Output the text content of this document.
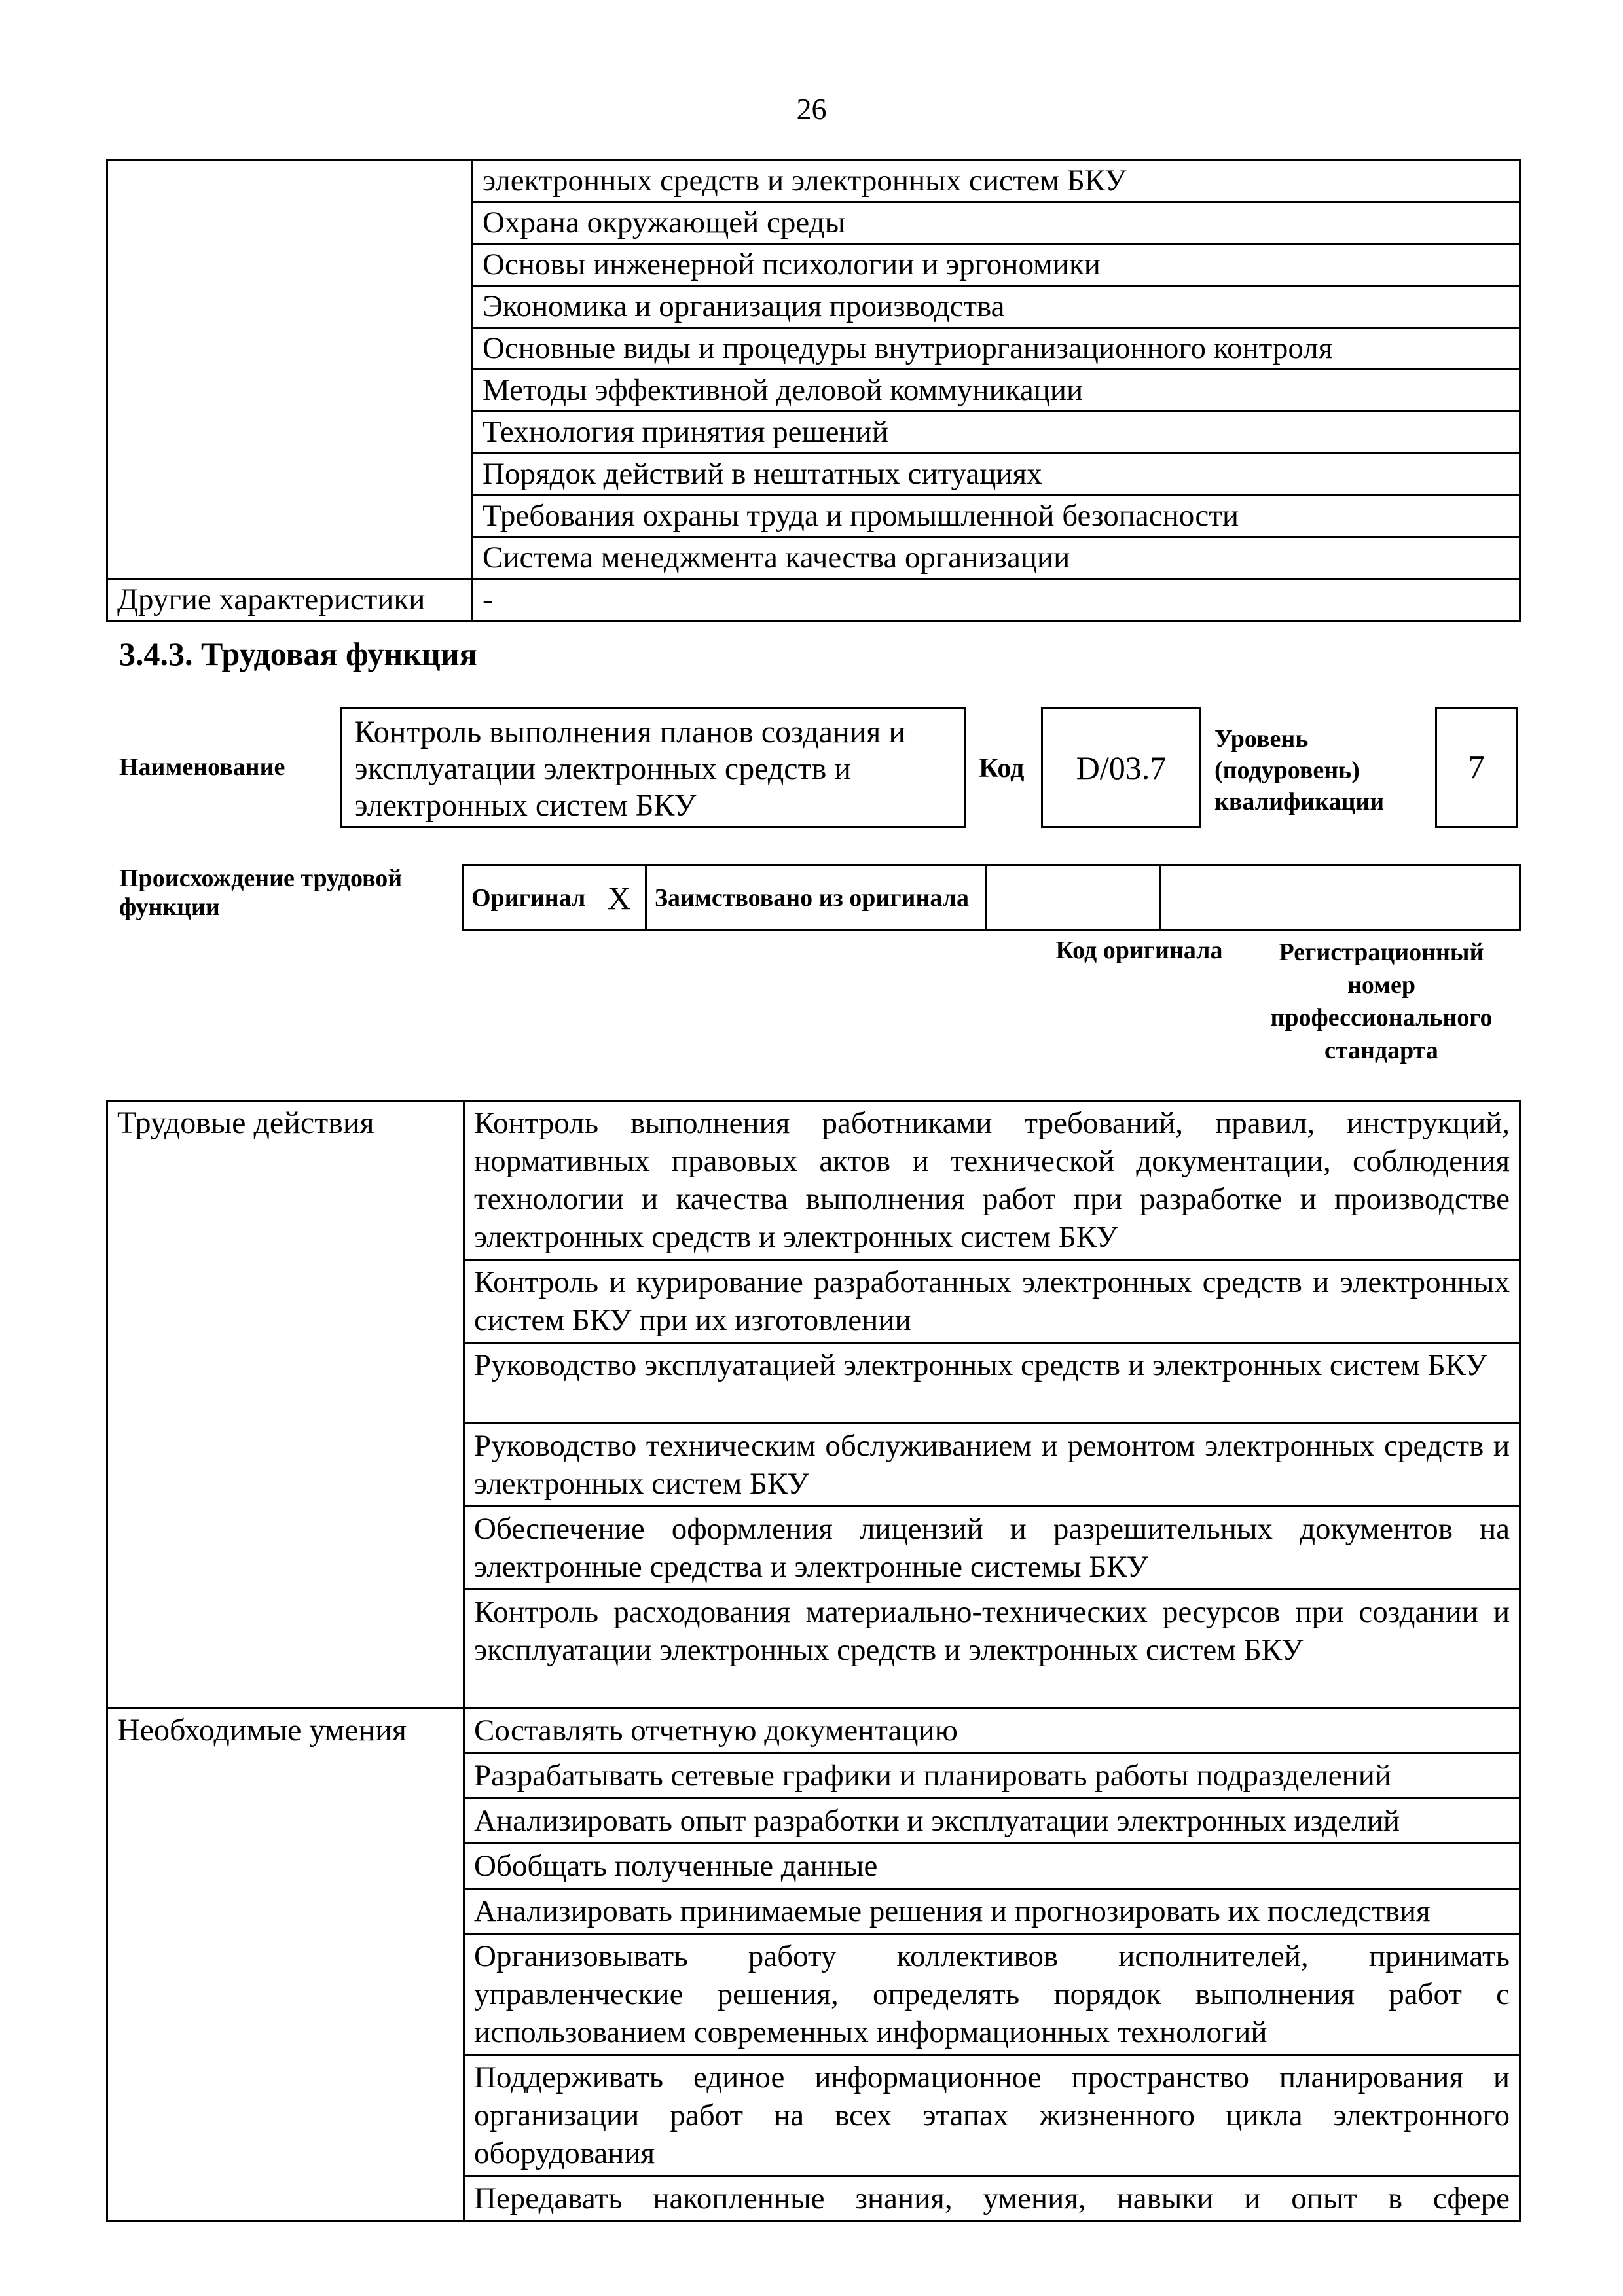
26
	электронных средств и электронных систем БКУ
	Охрана окружающей среды
	Основы инженерной психологии и эргономики
	Экономика и организация производства
	Основные виды и процедуры внутриорганизационного контроля
	Методы эффективной деловой коммуникации
	Технология принятия решений
	Порядок действий в нештатных ситуациях
	Требования охраны труда и промышленной безопасности
	Система менеджмента качества организации
Другие характеристики	-
3.4.3. Трудовая функция
Наименование
Контроль выполнения планов создания и эксплуатации электронных средств и электронных систем БКУ
Код	D/03.7
Уровень (подуровень) квалификации
7
Происхождение трудовой функции	Оригинал	X	Заимствовано из оригинала		
Код оригинала	Регистрационный номер профессионального стандарта
Трудовые действия	Контроль выполнения работниками требований, правил, инструкций, нормативных правовых актов и технической документации, соблюдения технологии и качества выполнения работ при разработке и производстве электронных средств и электронных систем БКУ
	Контроль и курирование разработанных электронных средств и электронных систем БКУ при их изготовлении
	Руководство эксплуатацией электронных средств и электронных систем БКУ
	Руководство техническим обслуживанием и ремонтом электронных средств и электронных систем БКУ
	Обеспечение оформления лицензий и разрешительных документов на электронные средства и электронные системы БКУ
	Контроль расходования материально-технических ресурсов при создании и эксплуатации электронных средств и электронных систем БКУ
Необходимые умения	Составлять отчетную документацию
	Разрабатывать сетевые графики и планировать работы подразделений
	Анализировать опыт разработки и эксплуатации электронных изделий
	Обобщать полученные данные
	Анализировать принимаемые решения и прогнозировать их последствия
	Организовывать работу коллективов исполнителей, принимать управленческие решения, определять порядок выполнения работ с использованием современных информационных технологий
	Поддерживать единое информационное пространство планирования и организации работ на всех этапах жизненного цикла электронного оборудования
	Передавать накопленные знания, умения, навыки и опыт в сфере
